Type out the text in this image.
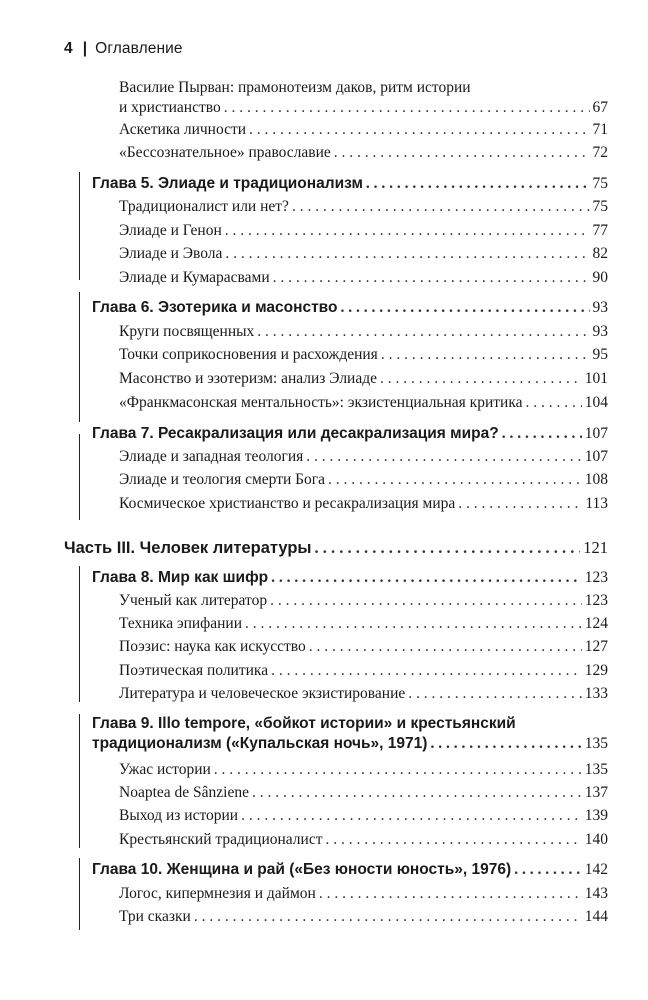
4 | Оглавление
Василие Пырван: прамонотеизм даков, ритм истории
и христианство . . .	67
Аскетика личности . . .	71
«Бессознательное» православие . . .	72
Глава 5. Элиаде и традиционализм . . .	75
Традиционалист или нет? . . .	75
Элиаде и Генон . . .	77
Элиаде и Эвола . . .	82
Элиаде и Кумарасвами . . .	90
Глава 6. Эзотерика и масонство . . .	93
Круги посвященных . . .	93
Точки соприкосновения и расхождения . . .	95
Масонство и эзотеризм: анализ Элиаде . . .	101
«Франкмасонская ментальность»: экзистенциальная критика . . .	104
Глава 7. Ресакрализация или десакрализация мира? . . .	107
Элиаде и западная теология . . .	107
Элиаде и теология смерти Бога . . .	108
Космическое христианство и ресакрализация мира . . .	113
Часть III. Человек литературы . . .	121
Глава 8. Мир как шифр . . .	123
Ученый как литератор . . .	123
Техника эпифании . . .	124
Поэзис: наука как искусство . . .	127
Поэтическая политика . . .	129
Литература и человеческое экзистирование . . .	133
Глава 9. Illo tempore, «бойкот истории» и крестьянский
традиционализм («Купальская ночь», 1971) . . .	135
Ужас истории . . .	135
Noaptea de Sânziene . . .	137
Выход из истории . . .	139
Крестьянский традиционалист . . .	140
Глава 10. Женщина и рай («Без юности юность», 1976) . . .	142
Логос, кипермнезия и даймон . . .	143
Три сказки . . .	144
